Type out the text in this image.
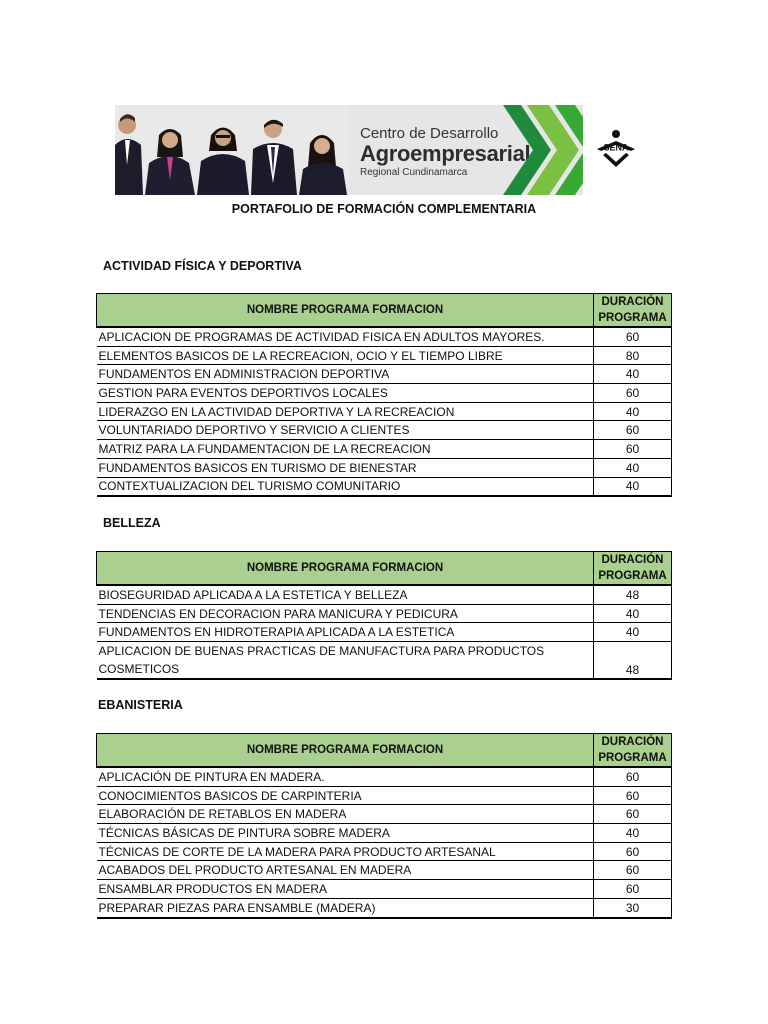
Centro de Desarrollo
Agroempresarial
Regional Cundinamarca
SENA
PORTAFOLIO DE FORMACIÓN COMPLEMENTARIA
ACTIVIDAD FÍSICA Y DEPORTIVA
NOMBRE PROGRAMA FORMACION	DURACIÓN
PROGRAMA
APLICACION DE PROGRAMAS DE ACTIVIDAD FISICA EN ADULTOS MAYORES.	60
ELEMENTOS BASICOS DE LA RECREACION, OCIO Y EL TIEMPO LIBRE	80
FUNDAMENTOS EN ADMINISTRACION DEPORTIVA	40
GESTION PARA EVENTOS DEPORTIVOS LOCALES	60
LIDERAZGO EN LA ACTIVIDAD DEPORTIVA Y LA RECREACION	40
VOLUNTARIADO DEPORTIVO Y SERVICIO A CLIENTES	60
MATRIZ PARA LA FUNDAMENTACION DE LA RECREACION	60
FUNDAMENTOS BASICOS EN TURISMO DE BIENESTAR	40
CONTEXTUALIZACION DEL TURISMO COMUNITARIO	40
BELLEZA
NOMBRE PROGRAMA FORMACION	DURACIÓN
PROGRAMA
BIOSEGURIDAD APLICADA A LA ESTETICA Y BELLEZA	48
TENDENCIAS EN DECORACION PARA MANICURA Y PEDICURA	40
FUNDAMENTOS EN HIDROTERAPIA APLICADA A LA ESTETICA	40
APLICACION DE BUENAS PRACTICAS DE MANUFACTURA PARA PRODUCTOS COSMETICOS	48
EBANISTERIA
NOMBRE PROGRAMA FORMACION	DURACIÓN
PROGRAMA
APLICACIÓN DE PINTURA EN MADERA.	60
CONOCIMIENTOS BASICOS DE CARPINTERIA	60
ELABORACIÓN DE RETABLOS EN MADERA	60
TÉCNICAS BÁSICAS DE PINTURA SOBRE MADERA	40
TÉCNICAS DE CORTE DE LA MADERA PARA PRODUCTO ARTESANAL	60
ACABADOS DEL PRODUCTO ARTESANAL EN MADERA	60
ENSAMBLAR PRODUCTOS EN MADERA	60
PREPARAR PIEZAS PARA ENSAMBLE (MADERA)	30
